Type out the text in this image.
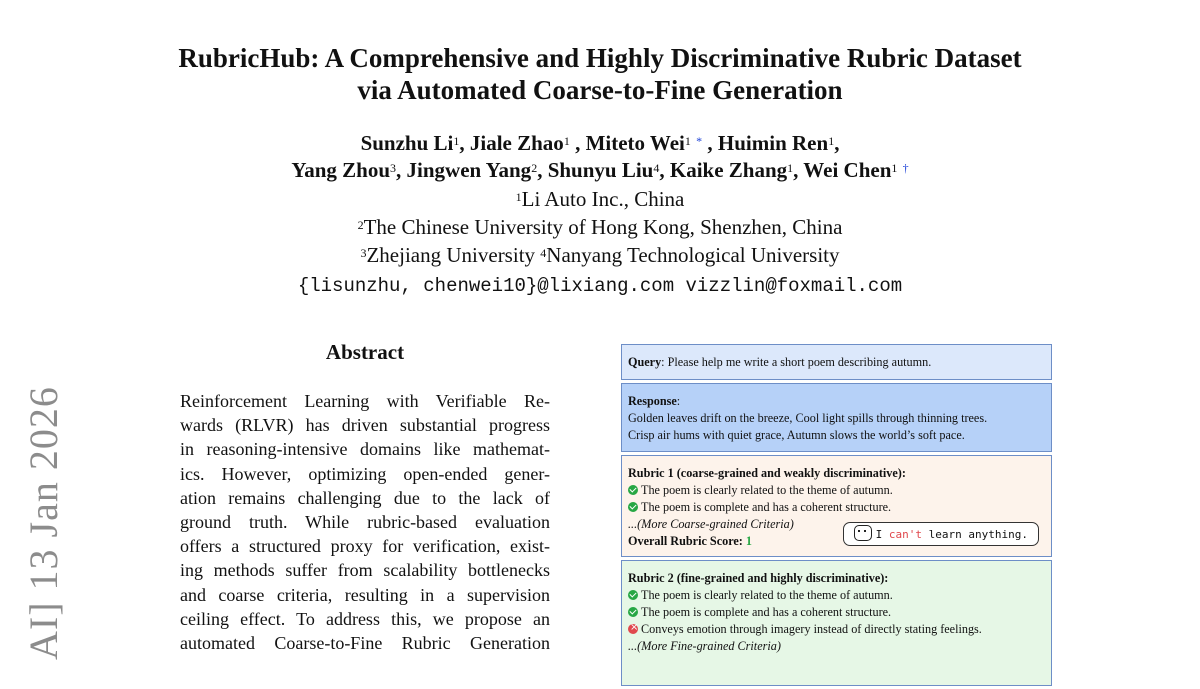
RubricHub: A Comprehensive and Highly Discriminative Rubric Dataset
via Automated Coarse-to-Fine Generation
Sunzhu Li$^1$, Jiale Zhao$^1$ , Miteto Wei$^1$ * , Huimin Ren$^1$,
Yang Zhou$^3$, Jingwen Yang$^2$, Shunyu Liu$^4$, Kaike Zhang$^1$, Wei Chen$^1$ †
$^1$Li Auto Inc., China
$^2$The Chinese University of Hong Kong, Shenzhen, China
$^3$Zhejiang University $^4$Nanyang Technological University
{lisunzhu, chenwei10}@lixiang.com vizzlin@foxmail.com
AI] 13 Jan 2026
Abstract
Reinforcement Learning with Verifiable Re-
wards (RLVR) has driven substantial progress
in reasoning-intensive domains like mathemat-
ics. However, optimizing open-ended gener-
ation remains challenging due to the lack of
ground truth. While rubric-based evaluation
offers a structured proxy for verification, exist-
ing methods suffer from scalability bottlenecks
and coarse criteria, resulting in a supervision
ceiling effect. To address this, we propose an
automated Coarse-to-Fine Rubric Generation
Query: Please help me write a short poem describing autumn.
Response:
Golden leaves drift on the breeze, Cool light spills through thinning trees.
Crisp air hums with quiet grace, Autumn slows the world’s soft pace.
Rubric 1 (coarse-grained and weakly discriminative):
The poem is clearly related to the theme of autumn.
The poem is complete and has a coherent structure.
...(More Coarse-grained Criteria)
Overall Rubric Score: 1	I can't learn anything.
Rubric 2 (fine-grained and highly discriminative):
The poem is clearly related to the theme of autumn.
The poem is complete and has a coherent structure.
×Conveys emotion through imagery instead of directly stating feelings.
...(More Fine-grained Criteria)
